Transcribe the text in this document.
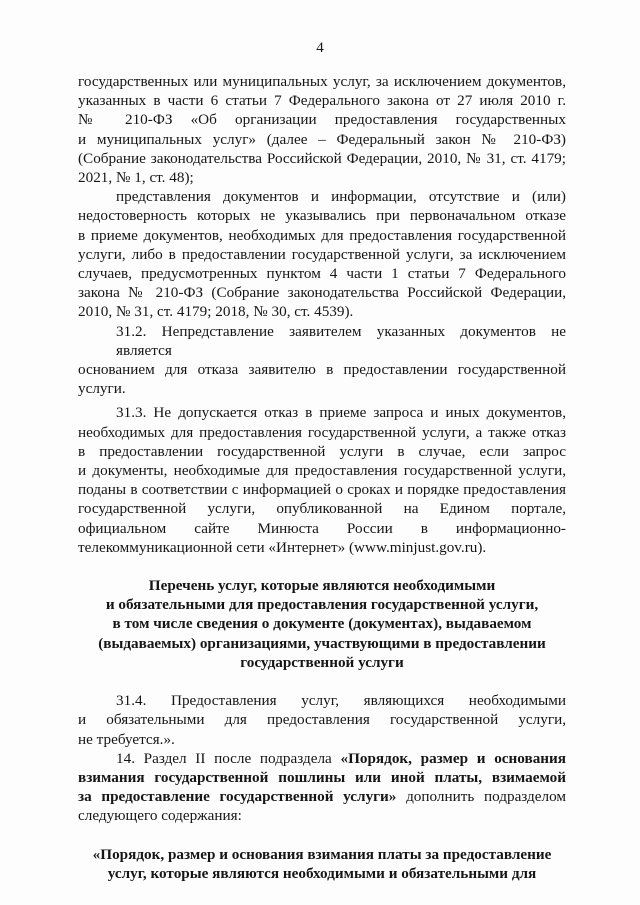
4
государственных или муниципальных услуг, за исключением документов,
указанных в части 6 статьи 7 Федерального закона от 27 июля 2010 г.
№ 210-ФЗ «Об организации предоставления государственных
и муниципальных услуг» (далее – Федеральный закон № 210-ФЗ)
(Собрание законодательства Российской Федерации, 2010, № 31, ст. 4179;
2021, № 1, ст. 48);
представления документов и информации, отсутствие и (или)
недостоверность которых не указывались при первоначальном отказе
в приеме документов, необходимых для предоставления государственной
услуги, либо в предоставлении государственной услуги, за исключением
случаев, предусмотренных пунктом 4 части 1 статьи 7 Федерального
закона № 210-ФЗ (Собрание законодательства Российской Федерации,
2010, № 31, ст. 4179; 2018, № 30, ст. 4539).
31.2. Непредставление заявителем указанных документов не является
основанием для отказа заявителю в предоставлении государственной
услуги.
31.3. Не допускается отказ в приеме запроса и иных документов,
необходимых для предоставления государственной услуги, а также отказ
в предоставлении государственной услуги в случае, если запрос
и документы, необходимые для предоставления государственной услуги,
поданы в соответствии с информацией о сроках и порядке предоставления
государственной услуги, опубликованной на Едином портале,
официальном сайте Минюста России в информационно-
телекоммуникационной сети «Интернет» (www.minjust.gov.ru).
Перечень услуг, которые являются необходимыми
и обязательными для предоставления государственной услуги,
в том числе сведения о документе (документах), выдаваемом
(выдаваемых) организациями, участвующими в предоставлении
государственной услуги
31.4. Предоставления услуг, являющихся необходимыми
и обязательными для предоставления государственной услуги,
не требуется.».
14. Раздел II после подраздела «Порядок, размер и основания
взимания государственной пошлины или иной платы, взимаемой
за предоставление государственной услуги» дополнить подразделом
следующего содержания:
«Порядок, размер и основания взимания платы за предоставление
услуг, которые являются необходимыми и обязательными для
